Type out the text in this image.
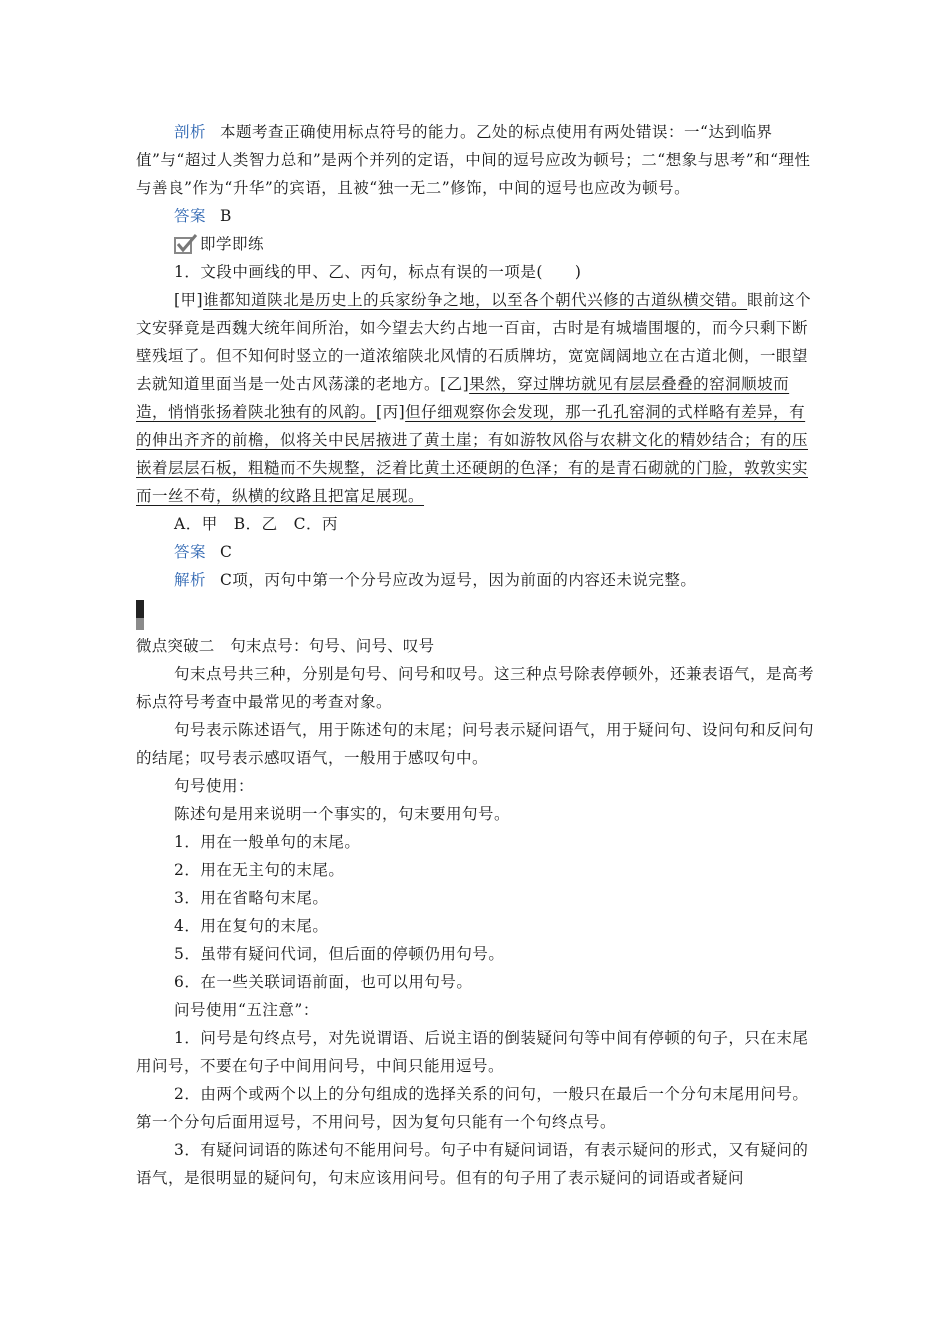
剖析 本题考查正确使用标点符号的能力。乙处的标点使用有两处错误：一“达到临界值”与“超过人类智力总和”是两个并列的定语，中间的逗号应改为顿号；二“想象与思考”和“理性与善良”作为“升华”的宾语，且被“独一无二”修饰，中间的逗号也应改为顿号。

答案 B

即学即练

1．文段中画线的甲、乙、丙句，标点有误的一项是(　　)

[甲]谁都知道陕北是历史上的兵家纷争之地，以至各个朝代兴修的古道纵横交错。眼前这个文安驿竟是西魏大统年间所治，如今望去大约占地一百亩，古时是有城墙围堰的，而今只剩下断壁残垣了。但不知何时竖立的一道浓缩陕北风情的石质牌坊，宽宽阔阔地立在古道北侧，一眼望去就知道里面当是一处古风荡漾的老地方。[乙]果然，穿过牌坊就见有层层叠叠的窑洞顺坡而造，悄悄张扬着陕北独有的风韵。[丙]但仔细观察你会发现，那一孔孔窑洞的式样略有差异，有的伸出齐齐的前檐，似将关中民居掖进了黄土崖；有如游牧风俗与农耕文化的精妙结合；有的压嵌着层层石板，粗糙而不失规整，泛着比黄土还硬朗的色泽；有的是青石砌就的门脸，敦敦实实而一丝不苟，纵横的纹路且把富足展现。

A．甲　B．乙　C．丙

答案 C

解析 C项，丙句中第一个分号应改为逗号，因为前面的内容还未说完整。

微点突破二　句末点号：句号、问号、叹号

句末点号共三种，分别是句号、问号和叹号。这三种点号除表停顿外，还兼表语气，是高考标点符号考查中最常见的考查对象。

句号表示陈述语气，用于陈述句的末尾；问号表示疑问语气，用于疑问句、设问句和反问句的结尾；叹号表示感叹语气，一般用于感叹句中。

句号使用：

陈述句是用来说明一个事实的，句末要用句号。

1．用在一般单句的末尾。

2．用在无主句的末尾。

3．用在省略句末尾。

4．用在复句的末尾。

5．虽带有疑问代词，但后面的停顿仍用句号。

6．在一些关联词语前面，也可以用句号。

问号使用“五注意”：

1．问号是句终点号，对先说谓语、后说主语的倒装疑问句等中间有停顿的句子，只在末尾用问号，不要在句子中间用问号，中间只能用逗号。

2．由两个或两个以上的分句组成的选择关系的问句，一般只在最后一个分句末尾用问号。第一个分句后面用逗号，不用问号，因为复句只能有一个句终点号。

3．有疑问词语的陈述句不能用问号。句子中有疑问词语，有表示疑问的形式，又有疑问的语气，是很明显的疑问句，句末应该用问号。但有的句子用了表示疑问的词语或者疑问
